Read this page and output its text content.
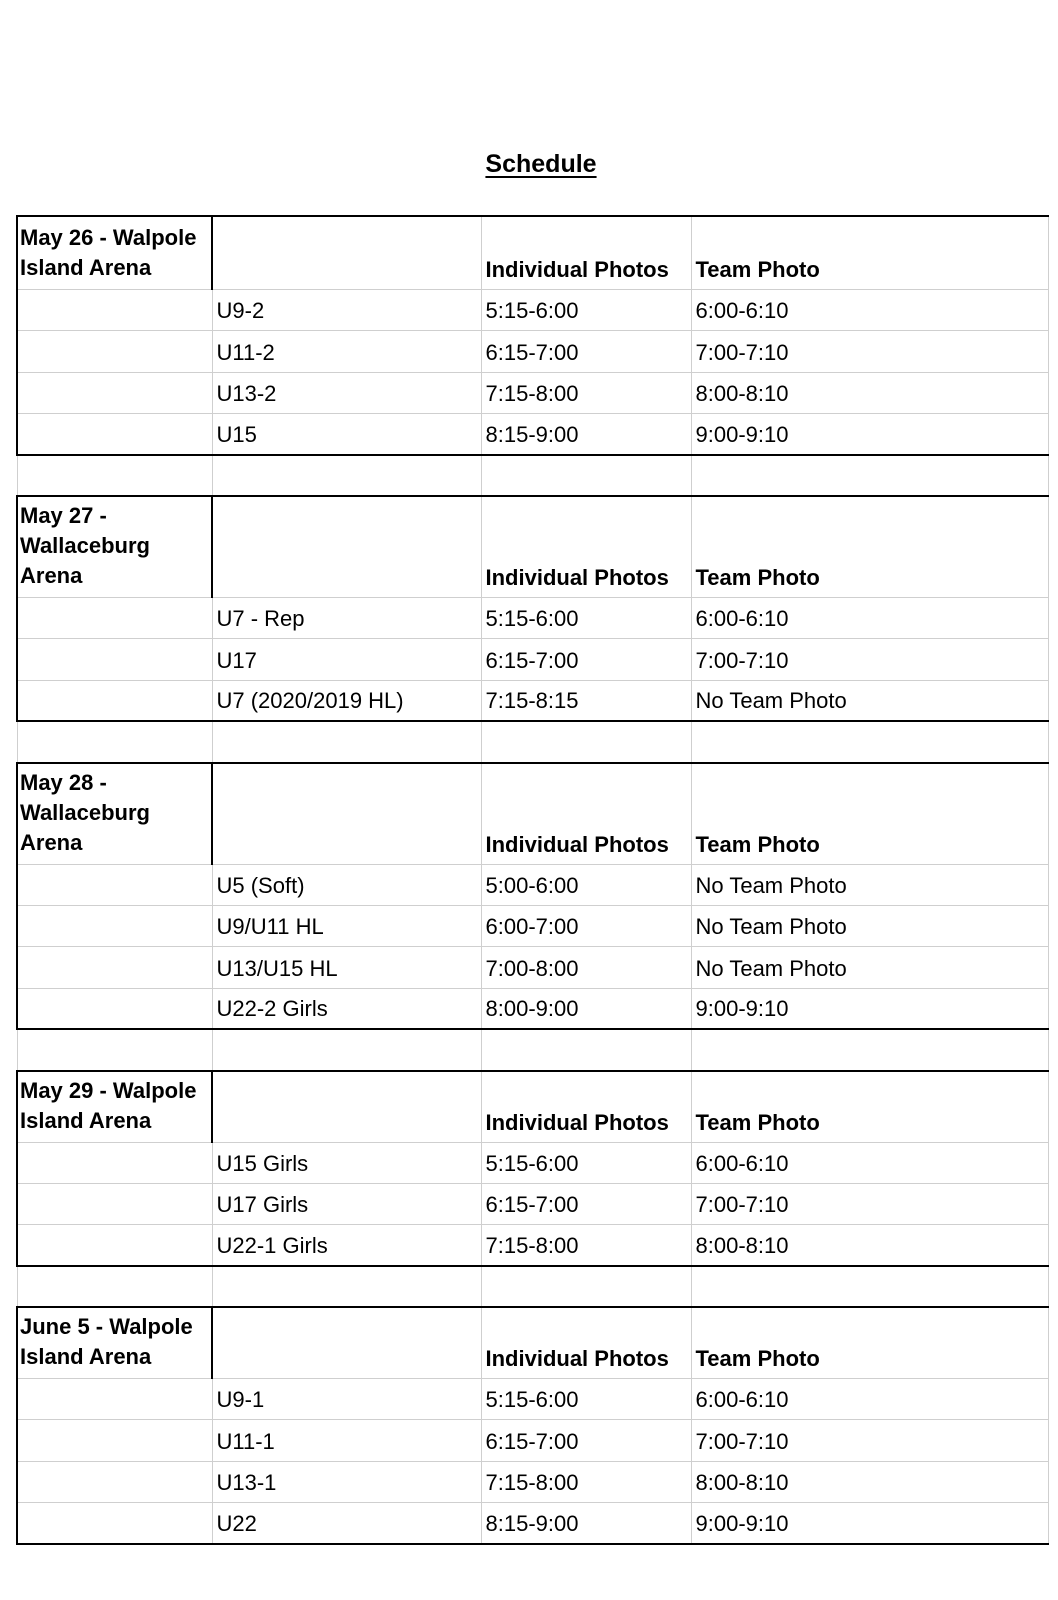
Schedule
May 26 - Walpole Island Arena		Individual Photos	Team Photo
	U9-2	5:15-6:00	6:00-6:10
	U11-2	6:15-7:00	7:00-7:10
	U13-2	7:15-8:00	8:00-8:10
	U15	8:15-9:00	9:00-9:10

May 27 - Wallaceburg Arena		Individual Photos	Team Photo
	U7 - Rep	5:15-6:00	6:00-6:10
	U17	6:15-7:00	7:00-7:10
	U7 (2020/2019 HL)	7:15-8:15	No Team Photo

May 28 - Wallaceburg Arena		Individual Photos	Team Photo
	U5 (Soft)	5:00-6:00	No Team Photo
	U9/U11 HL	6:00-7:00	No Team Photo
	U13/U15 HL	7:00-8:00	No Team Photo
	U22-2 Girls	8:00-9:00	9:00-9:10

May 29 - Walpole Island Arena		Individual Photos	Team Photo
	U15 Girls	5:15-6:00	6:00-6:10
	U17 Girls	6:15-7:00	7:00-7:10
	U22-1 Girls	7:15-8:00	8:00-8:10

June 5 - Walpole Island Arena		Individual Photos	Team Photo
	U9-1	5:15-6:00	6:00-6:10
	U11-1	6:15-7:00	7:00-7:10
	U13-1	7:15-8:00	8:00-8:10
	U22	8:15-9:00	9:00-9:10
